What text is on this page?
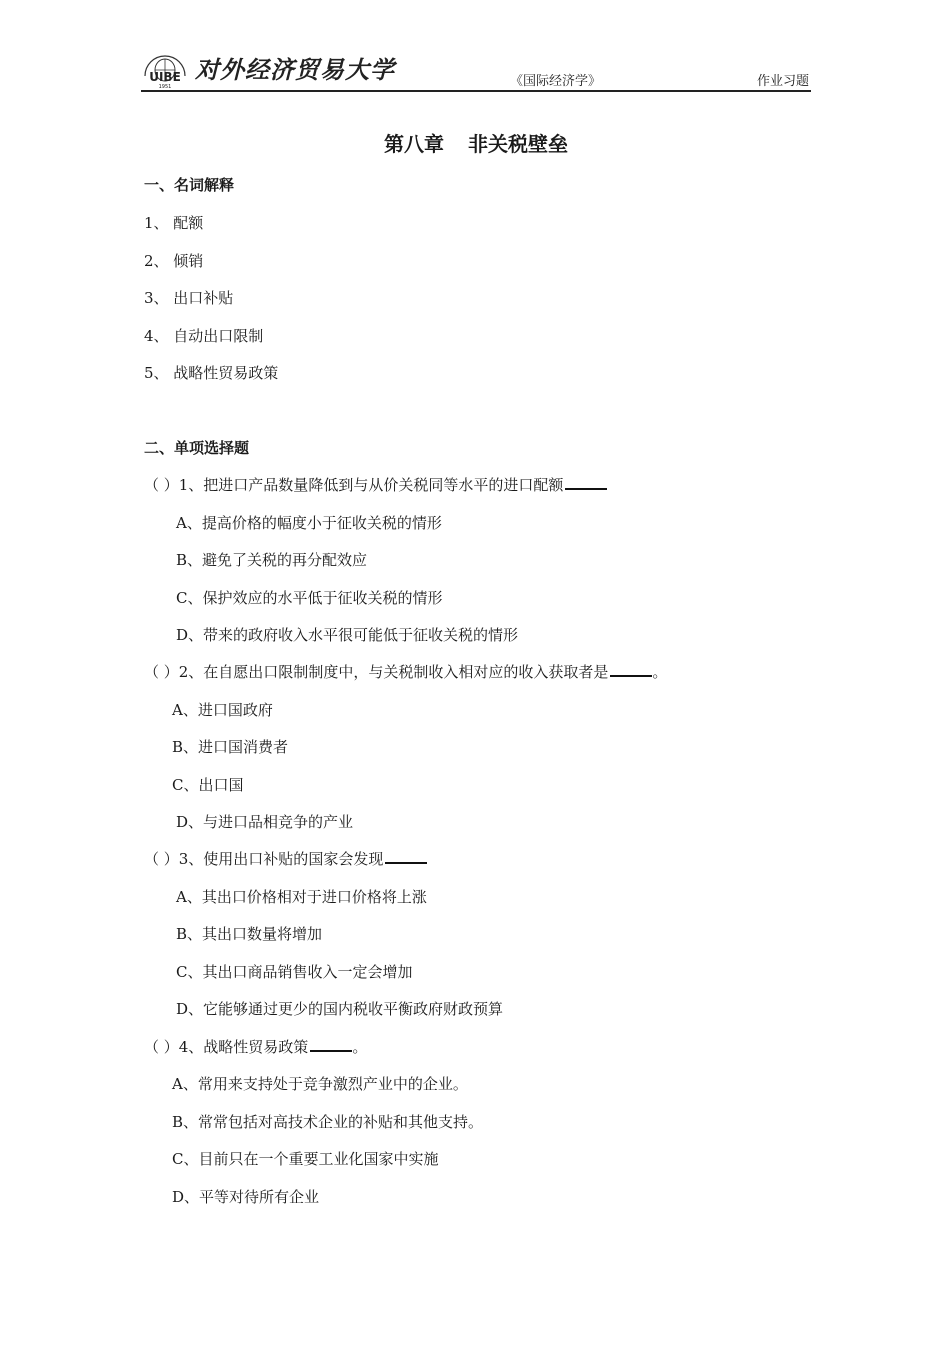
UIBE
1951
对外经济贸易大学	《国际经济学》	作业习题
第八章 非关税壁垒
一、名词解释
1、 配额
2、 倾销
3、 出口补贴
4、 自动出口限制
5、 战略性贸易政策
二、单项选择题
（ ）1、把进口产品数量降低到与从价关税同等水平的进口配额
A、提高价格的幅度小于征收关税的情形
B、避免了关税的再分配效应
C、保护效应的水平低于征收关税的情形
D、带来的政府收入水平很可能低于征收关税的情形
（ ）2、在自愿出口限制制度中，与关税制收入相对应的收入获取者是	。
A、进口国政府
B、进口国消费者
C、出口国
D、与进口品相竞争的产业
（ ）3、使用出口补贴的国家会发现
A、其出口价格相对于进口价格将上涨
B、其出口数量将增加
C、其出口商品销售收入一定会增加
D、它能够通过更少的国内税收平衡政府财政预算
（ ）4、战略性贸易政策	。
A、常用来支持处于竞争激烈产业中的企业。
B、常常包括对高技术企业的补贴和其他支持。
C、目前只在一个重要工业化国家中实施
D、平等对待所有企业
